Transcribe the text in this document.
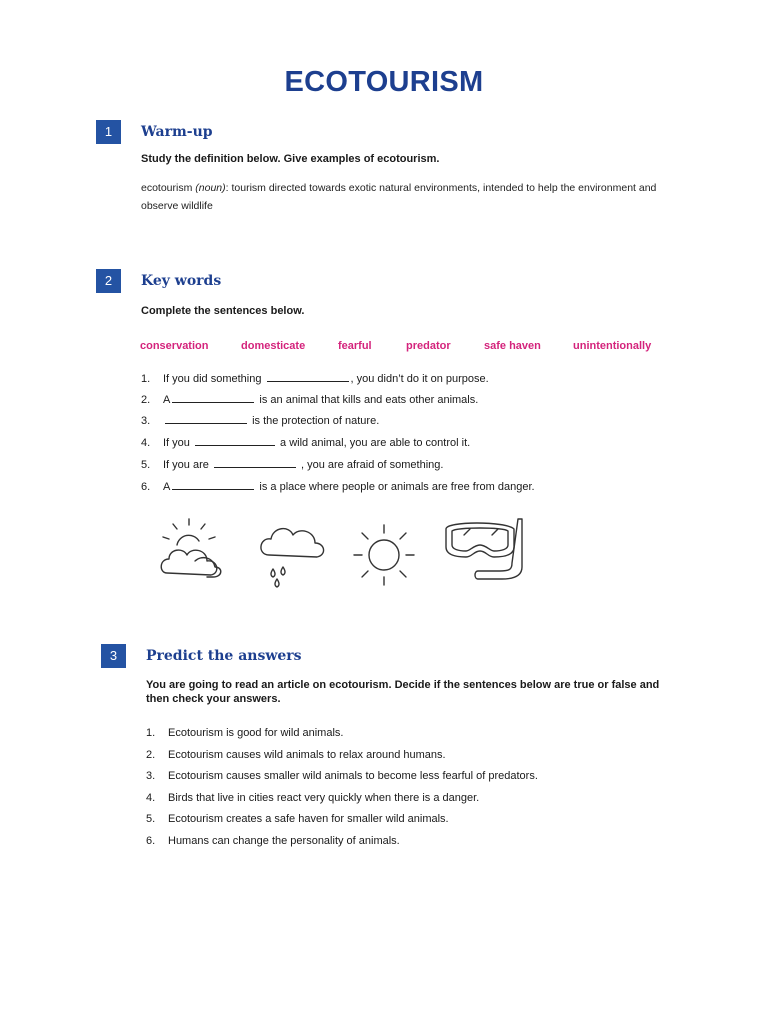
ECOTOURISM
1	Warm-up
Study the definition below. Give examples of ecotourism.
ecotourism (noun): tourism directed towards exotic natural environments, intended to help the environment and observe wildlife
2	Key words
Complete the sentences below.
conservation	domesticate	fearful	predator	safe haven	unintentionally
1. If you did something	, you didn’t do it on purpose.
2. A	is an animal that kills and eats other animals.
3.	is the protection of nature.
4. If you	a wild animal, you are able to control it.
5. If you are	, you are afraid of something.
6. A	is a place where people or animals are free from danger.
3	Predict the answers
You are going to read an article on ecotourism. Decide if the sentences below are true or false and then check your answers.
1. Ecotourism is good for wild animals.
2. Ecotourism causes wild animals to relax around humans.
3. Ecotourism causes smaller wild animals to become less fearful of predators.
4. Birds that live in cities react very quickly when there is a danger.
5. Ecotourism creates a safe haven for smaller wild animals.
6. Humans can change the personality of animals.
